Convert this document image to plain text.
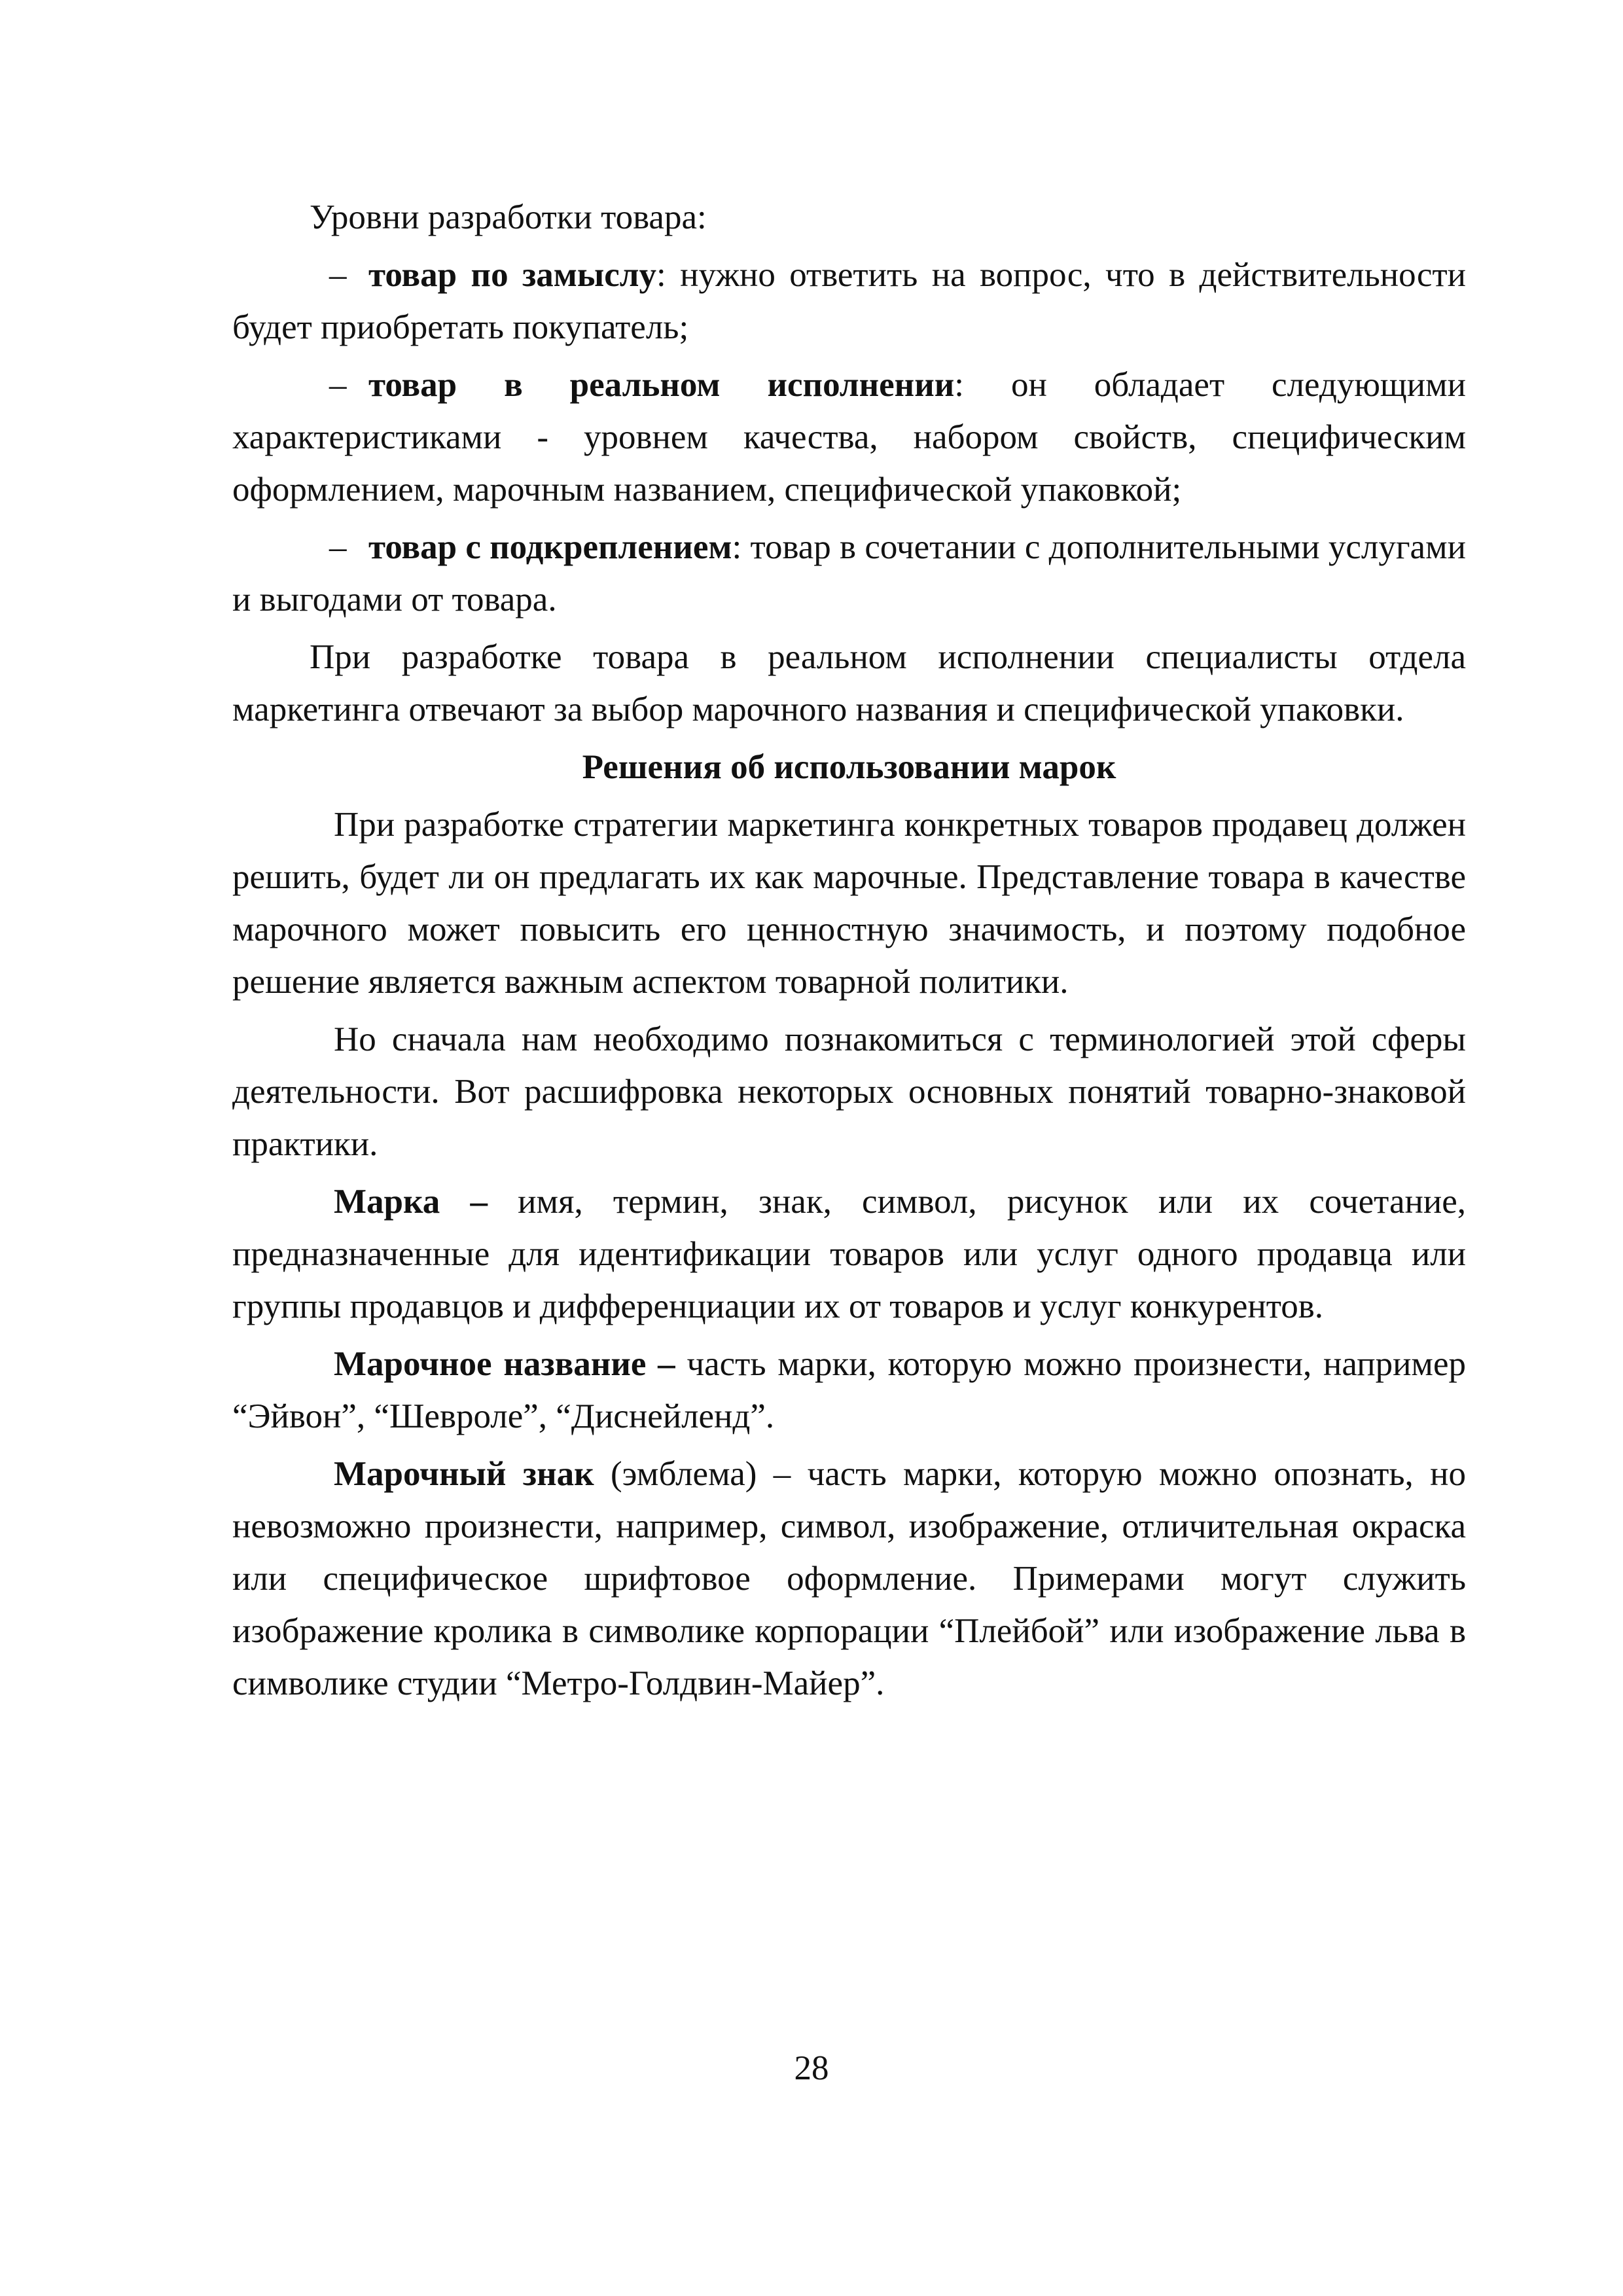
Уровни разработки товара:

– товар по замыслу: нужно ответить на вопрос, что в действительности будет приобретать покупатель;

– товар в реальном исполнении: он обладает следующими характеристиками - уровнем качества, набором свойств, специфическим оформлением, марочным названием, специфической упаковкой;

– товар с подкреплением: товар в сочетании с дополнительными услугами и выгодами от товара.

При разработке товара в реальном исполнении специалисты отдела маркетинга отвечают за выбор марочного названия и специфической упаковки.

Решения об использовании марок

При разработке стратегии маркетинга конкретных товаров продавец должен решить, будет ли он предлагать их как марочные. Представление товара в качестве марочного может повысить его ценностную значимость, и поэтому подобное решение является важным аспектом товарной политики.

Но сначала нам необходимо познакомиться с терминологией этой сферы деятельности. Вот расшифровка некоторых основных понятий товарно-знаковой практики.

Марка – имя, термин, знак, символ, рисунок или их сочетание, предназначенные для идентификации товаров или услуг одного продавца или группы продавцов и дифференциации их от товаров и услуг конкурентов.

Марочное название – часть марки, которую можно произнести, например “Эйвон”, “Шевроле”, “Диснейленд”.

Марочный знак (эмблема) – часть марки, которую можно опознать, но невозможно произнести, например, символ, изображение, отличительная окраска или специфическое шрифтовое оформление. Примерами могут служить изображение кролика в символике корпорации “Плейбой” или изображение льва в символике студии “Метро-Голдвин-Майер”.

28
